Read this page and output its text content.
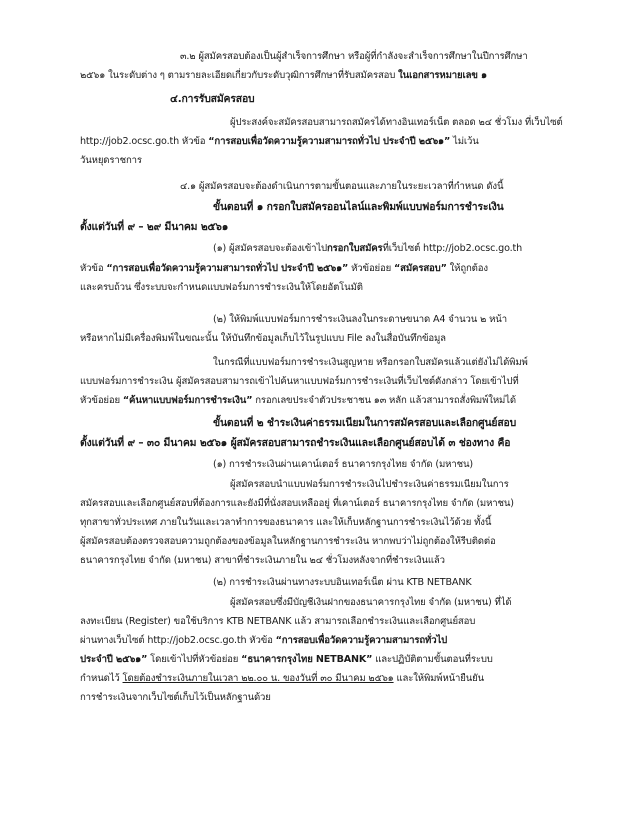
๓.๒ ผู้สมัครสอบต้องเป็นผู้สำเร็จการศึกษา หรือผู้ที่กำลังจะสำเร็จการศึกษาในปีการศึกษา
๒๕๖๑ ในระดับต่าง ๆ ตามรายละเอียดเกี่ยวกับระดับวุฒิการศึกษาที่รับสมัครสอบ ในเอกสารหมายเลข ๑
๔.การรับสมัครสอบ
ผู้ประสงค์จะสมัครสอบสามารถสมัครได้ทางอินเทอร์เน็ต ตลอด ๒๔ ชั่วโมง ที่เว็บไซต์
http://job2.ocsc.go.th หัวข้อ “การสอบเพื่อวัดความรู้ความสามารถทั่วไป ประจำปี ๒๕๖๑” ไม่เว้น
วันหยุดราชการ
๔.๑ ผู้สมัครสอบจะต้องดำเนินการตามขั้นตอนและภายในระยะเวลาที่กำหนด ดังนี้
ขั้นตอนที่ ๑ กรอกใบสมัครออนไลน์และพิมพ์แบบฟอร์มการชำระเงิน
ตั้งแต่วันที่ ๙ – ๒๙ มีนาคม ๒๕๖๑
(๑) ผู้สมัครสอบจะต้องเข้าไปกรอกใบสมัครที่เว็บไซต์ http://job2.ocsc.go.th
หัวข้อ “การสอบเพื่อวัดความรู้ความสามารถทั่วไป ประจำปี ๒๕๖๑” หัวข้อย่อย “สมัครสอบ” ให้ถูกต้อง
และครบถ้วน ซึ่งระบบจะกำหนดแบบฟอร์มการชำระเงินให้โดยอัตโนมัติ
(๒) ให้พิมพ์แบบฟอร์มการชำระเงินลงในกระดาษขนาด A4 จำนวน ๒ หน้า
หรือหากไม่มีเครื่องพิมพ์ในขณะนั้น ให้บันทึกข้อมูลเก็บไว้ในรูปแบบ File ลงในสื่อบันทึกข้อมูล
ในกรณีที่แบบฟอร์มการชำระเงินสูญหาย หรือกรอกใบสมัครแล้วแต่ยังไม่ได้พิมพ์
แบบฟอร์มการชำระเงิน ผู้สมัครสอบสามารถเข้าไปค้นหาแบบฟอร์มการชำระเงินที่เว็บไซต์ดังกล่าว โดยเข้าไปที่
หัวข้อย่อย “ค้นหาแบบฟอร์มการชำระเงิน” กรอกเลขประจำตัวประชาชน ๑๓ หลัก แล้วสามารถสั่งพิมพ์ใหม่ได้
ขั้นตอนที่ ๒ ชำระเงินค่าธรรมเนียมในการสมัครสอบและเลือกศูนย์สอบ
ตั้งแต่วันที่ ๙ – ๓๐ มีนาคม ๒๕๖๑ ผู้สมัครสอบสามารถชำระเงินและเลือกศูนย์สอบได้ ๓ ช่องทาง คือ
(๑) การชำระเงินผ่านเคาน์เตอร์ ธนาคารกรุงไทย จำกัด (มหาชน)
ผู้สมัครสอบนำแบบฟอร์มการชำระเงินไปชำระเงินค่าธรรมเนียมในการ
สมัครสอบและเลือกศูนย์สอบที่ต้องการและยังมีที่นั่งสอบเหลืออยู่ ที่เคาน์เตอร์ ธนาคารกรุงไทย จำกัด (มหาชน)
ทุกสาขาทั่วประเทศ ภายในวันและเวลาทำการของธนาคาร และให้เก็บหลักฐานการชำระเงินไว้ด้วย ทั้งนี้
ผู้สมัครสอบต้องตรวจสอบความถูกต้องของข้อมูลในหลักฐานการชำระเงิน หากพบว่าไม่ถูกต้องให้รีบติดต่อ
ธนาคารกรุงไทย จำกัด (มหาชน) สาขาที่ชำระเงินภายใน ๒๔ ชั่วโมงหลังจากที่ชำระเงินแล้ว
(๒) การชำระเงินผ่านทางระบบอินเทอร์เน็ต ผ่าน KTB NETBANK
ผู้สมัครสอบซึ่งมีบัญชีเงินฝากของธนาคารกรุงไทย จำกัด (มหาชน) ที่ได้
ลงทะเบียน (Register) ขอใช้บริการ KTB NETBANK แล้ว สามารถเลือกชำระเงินและเลือกศูนย์สอบ
ผ่านทางเว็บไซต์ http://job2.ocsc.go.th หัวข้อ “การสอบเพื่อวัดความรู้ความสามารถทั่วไป
ประจำปี ๒๕๖๑” โดยเข้าไปที่หัวข้อย่อย “ธนาคารกรุงไทย NETBANK” และปฏิบัติตามขั้นตอนที่ระบบ
กำหนดไว้ โดยต้องชำระเงินภายในเวลา ๒๒.๐๐ น. ของวันที่ ๓๐ มีนาคม ๒๕๖๑ และให้พิมพ์หน้ายืนยัน
การชำระเงินจากเว็บไซต์เก็บไว้เป็นหลักฐานด้วย
